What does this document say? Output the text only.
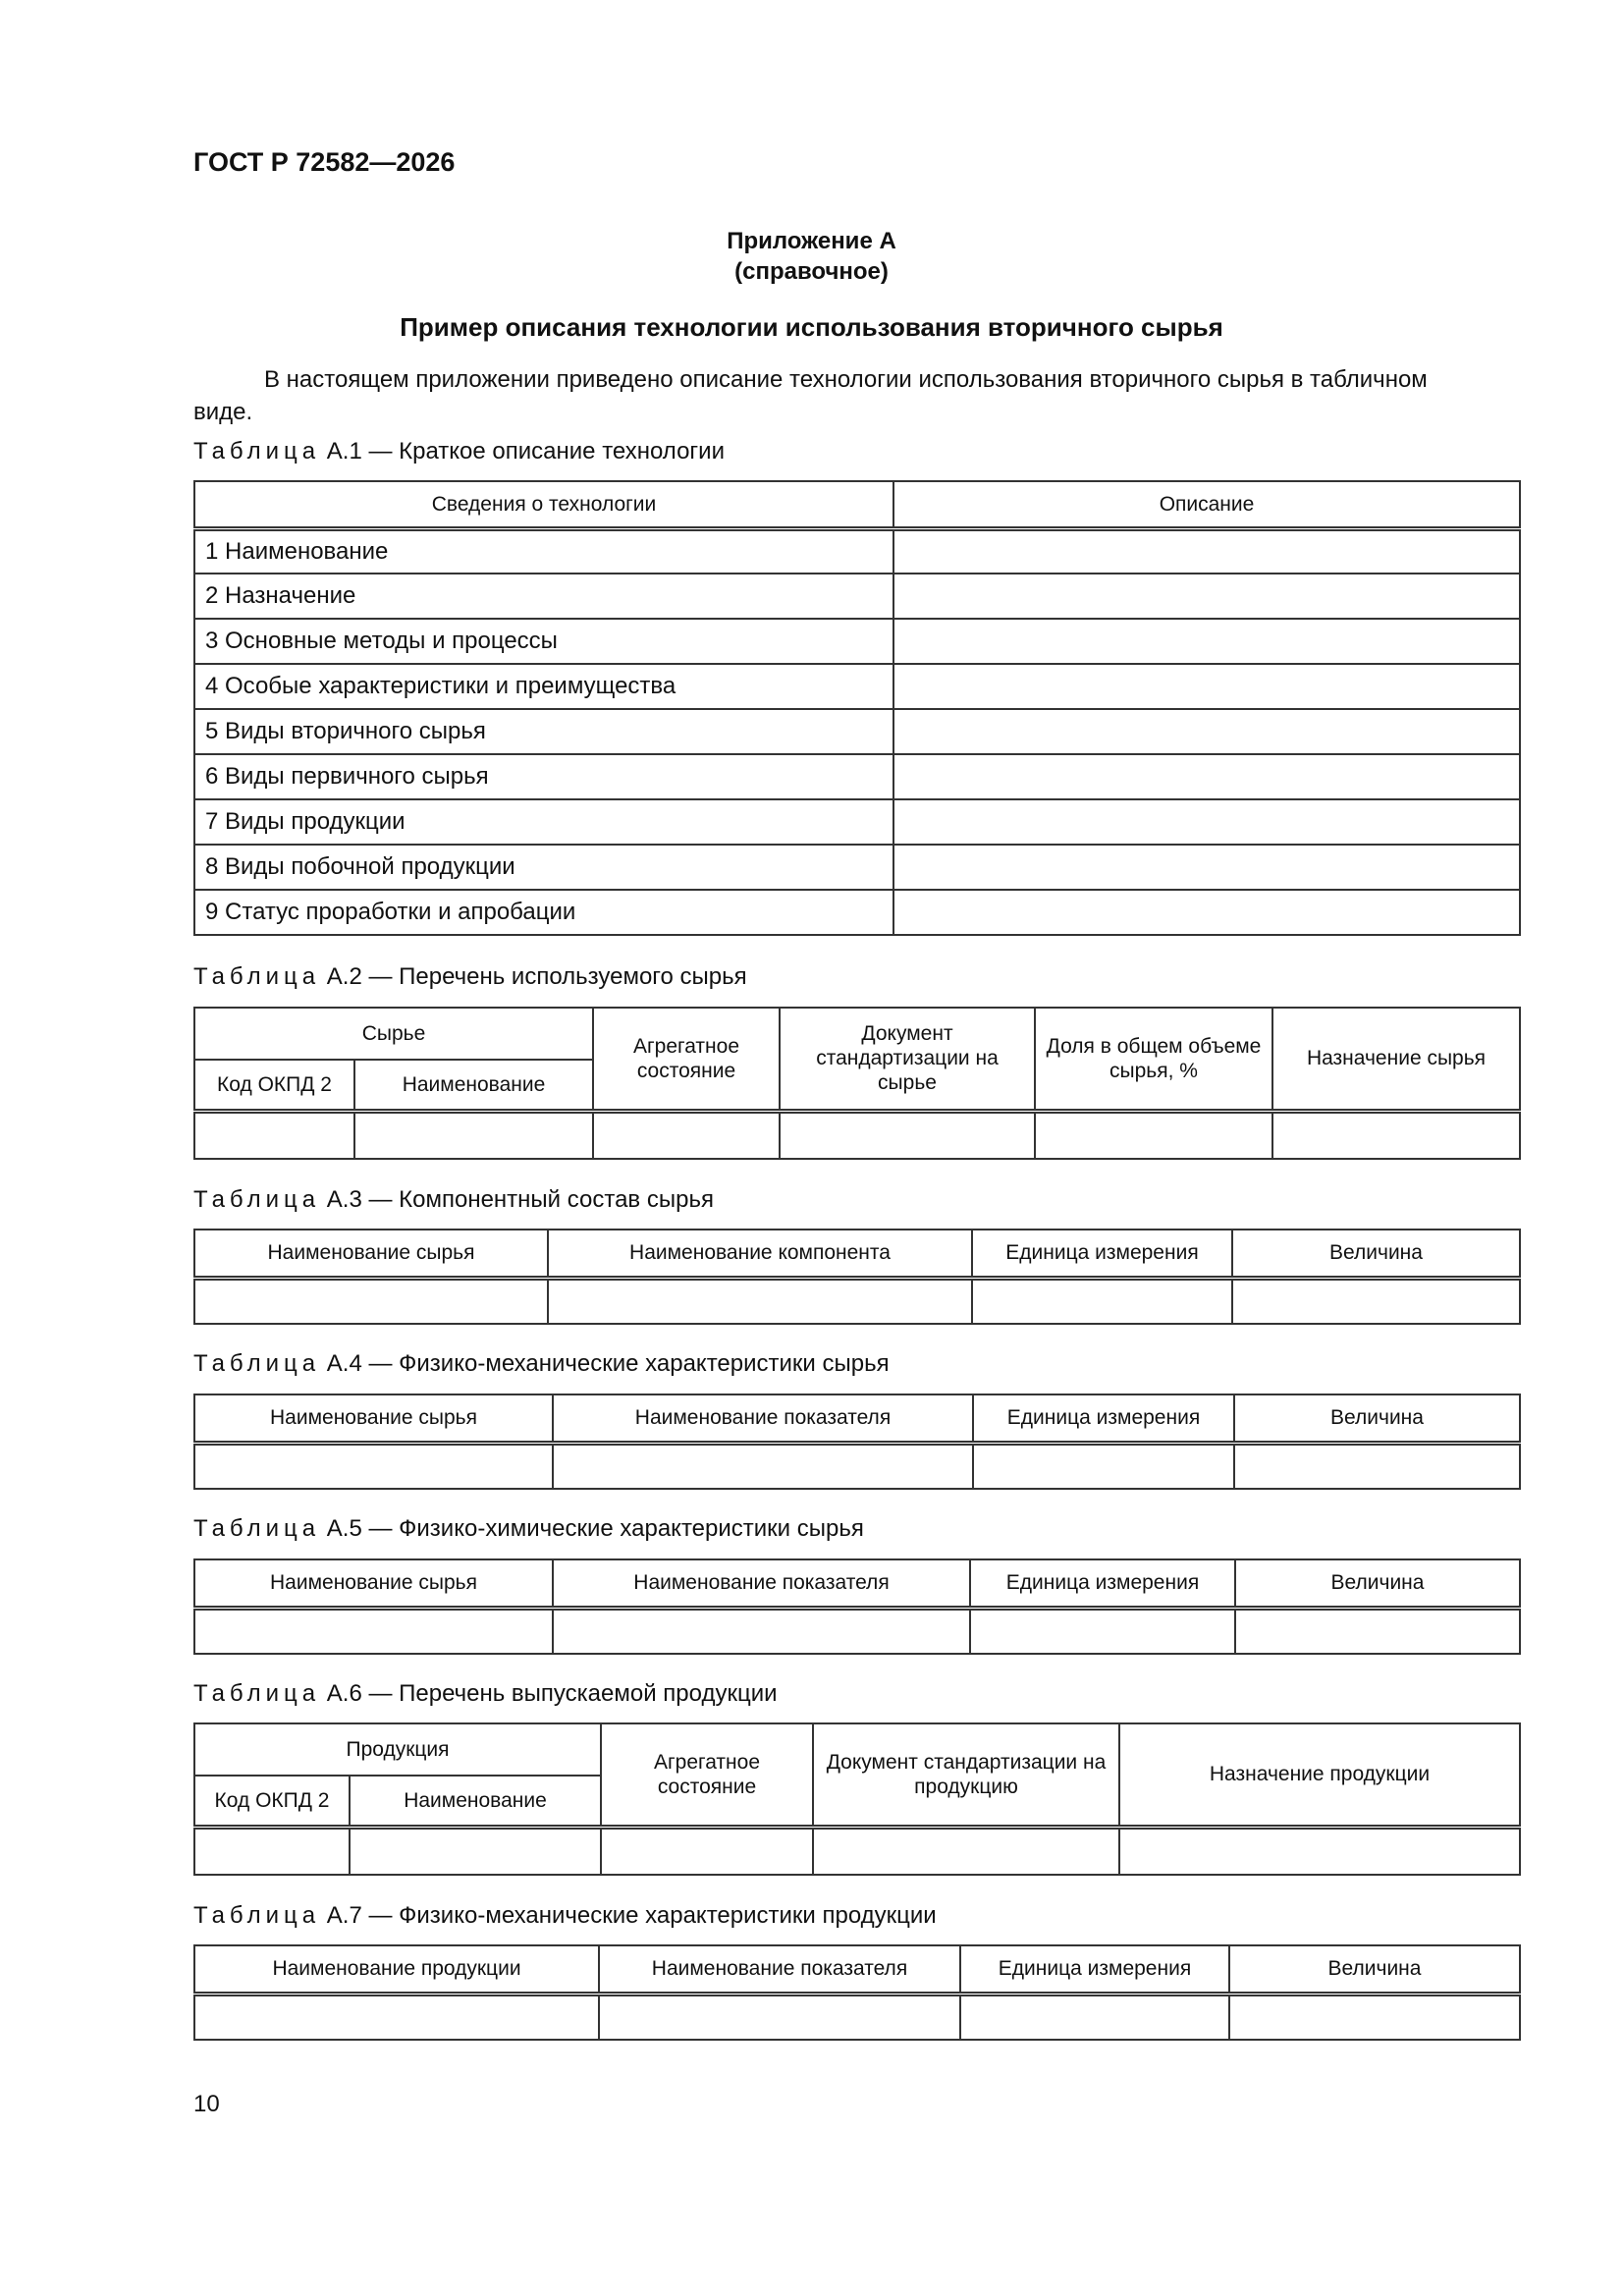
ГОСТ Р 72582—2026
Приложение А
(справочное)
Пример описания технологии использования вторичного сырья
В настоящем приложении приведено описание технологии использования вторичного сырья в табличном
виде.
Таблица А.1 — Краткое описание технологии
Сведения о технологии	Описание
1 Наименование	
2 Назначение	
3 Основные методы и процессы	
4 Особые характеристики и преимущества	
5 Виды вторичного сырья	
6 Виды первичного сырья	
7 Виды продукции	
8 Виды побочной продукции	
9 Статус проработки и апробации	
Таблица А.2 — Перечень используемого сырья
Сырье		Агрегатное состояние	Документ стандартизации на сырье	Доля в общем объеме сырья, %	Назначение сырья
Код ОКПД 2	Наименование				

Таблица А.3 — Компонентный состав сырья
Наименование сырья	Наименование компонента	Единица измерения	Величина

Таблица А.4 — Физико-механические характеристики сырья
Наименование сырья	Наименование показателя	Единица измерения	Величина

Таблица А.5 — Физико-химические характеристики сырья
Наименование сырья	Наименование показателя	Единица измерения	Величина

Таблица А.6 — Перечень выпускаемой продукции
Продукция		Агрегатное состояние	Документ стандартизации на продукцию	Назначение продукции
Код ОКПД 2	Наименование			

Таблица А.7 — Физико-механические характеристики продукции
Наименование продукции	Наименование показателя	Единица измерения	Величина

10
